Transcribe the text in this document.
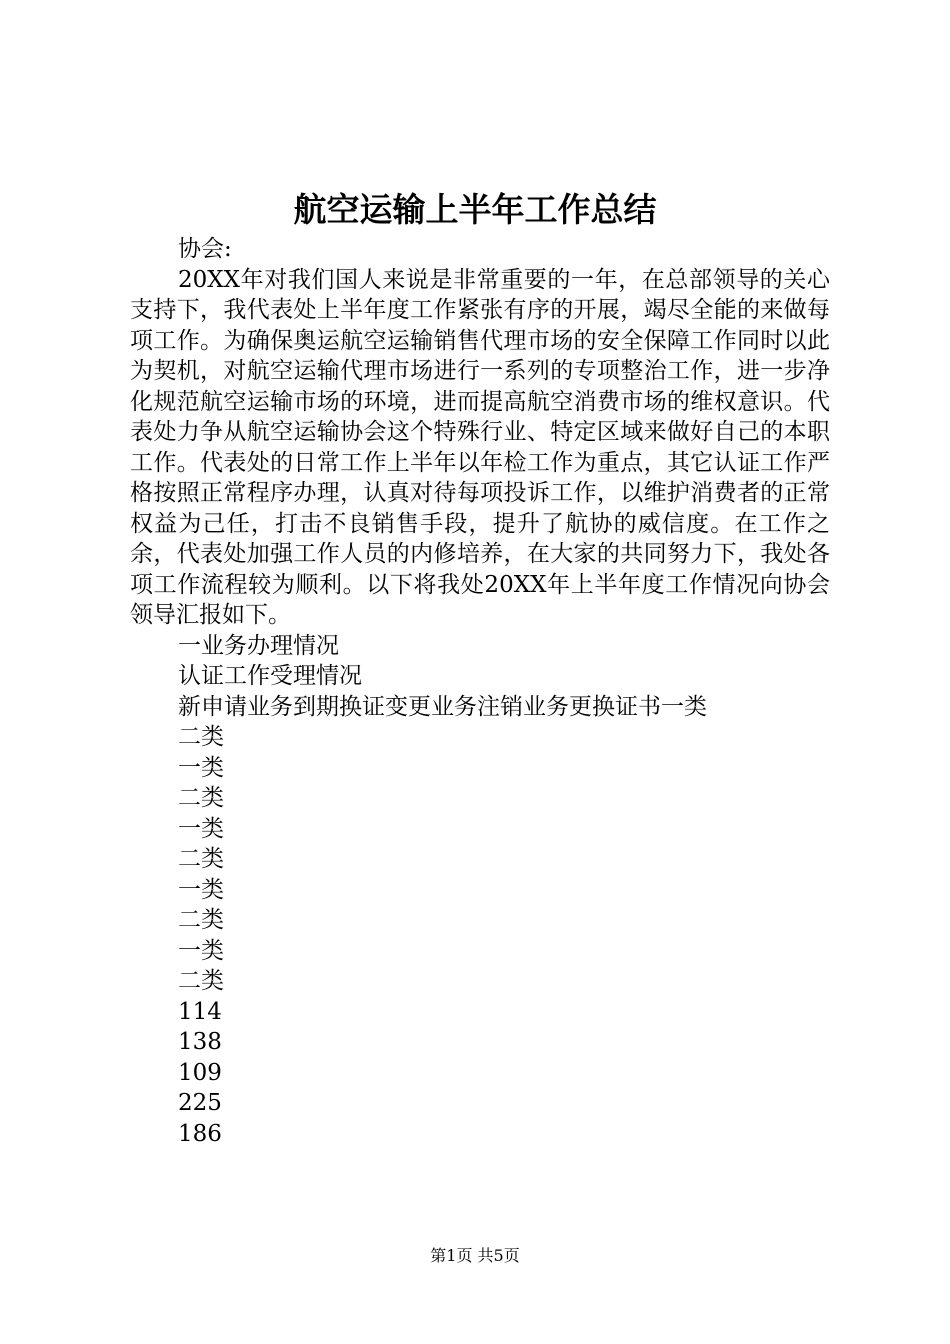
航空运输上半年工作总结

协会:

20XX年对我们国人来说是非常重要的一年，在总部领导的关心支持下，我代表处上半年度工作紧张有序的开展，竭尽全能的来做每项工作。为确保奥运航空运输销售代理市场的安全保障工作同时以此为契机，对航空运输代理市场进行一系列的专项整治工作，进一步净化规范航空运输市场的环境，进而提高航空消费市场的维权意识。代表处力争从航空运输协会这个特殊行业、特定区域来做好自己的本职工作。代表处的日常工作上半年以年检工作为重点，其它认证工作严格按照正常程序办理，认真对待每项投诉工作，以维护消费者的正常权益为己任，打击不良销售手段，提升了航协的威信度。在工作之余，代表处加强工作人员的内修培养，在大家的共同努力下，我处各项工作流程较为顺利。以下将我处20XX年上半年度工作情况向协会领导汇报如下。

一业务办理情况

认证工作受理情况

新申请业务到期换证变更业务注销业务更换证书一类

二类

一类

二类

一类

二类

一类

二类

一类

二类

114

138

109

225

186

第1页 共5页
